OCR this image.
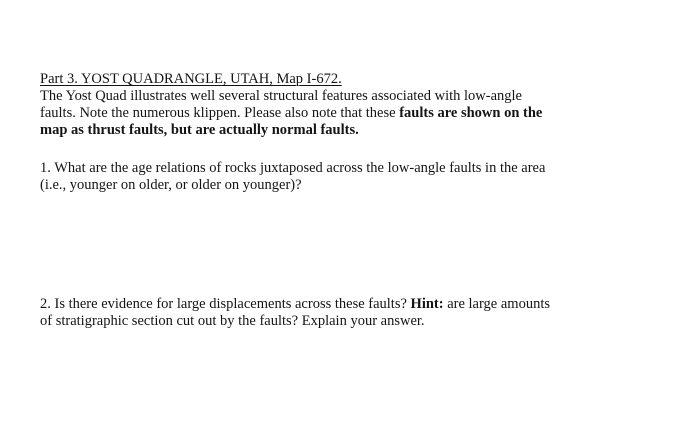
Part 3. YOST QUADRANGLE, UTAH, Map I-672.
The Yost Quad illustrates well several structural features associated with low-angle
faults. Note the numerous klippen. Please also note that these faults are shown on the
map as thrust faults, but are actually normal faults.
1. What are the age relations of rocks juxtaposed across the low-angle faults in the area
(i.e., younger on older, or older on younger)?
2. Is there evidence for large displacements across these faults? Hint: are large amounts
of stratigraphic section cut out by the faults? Explain your answer.
